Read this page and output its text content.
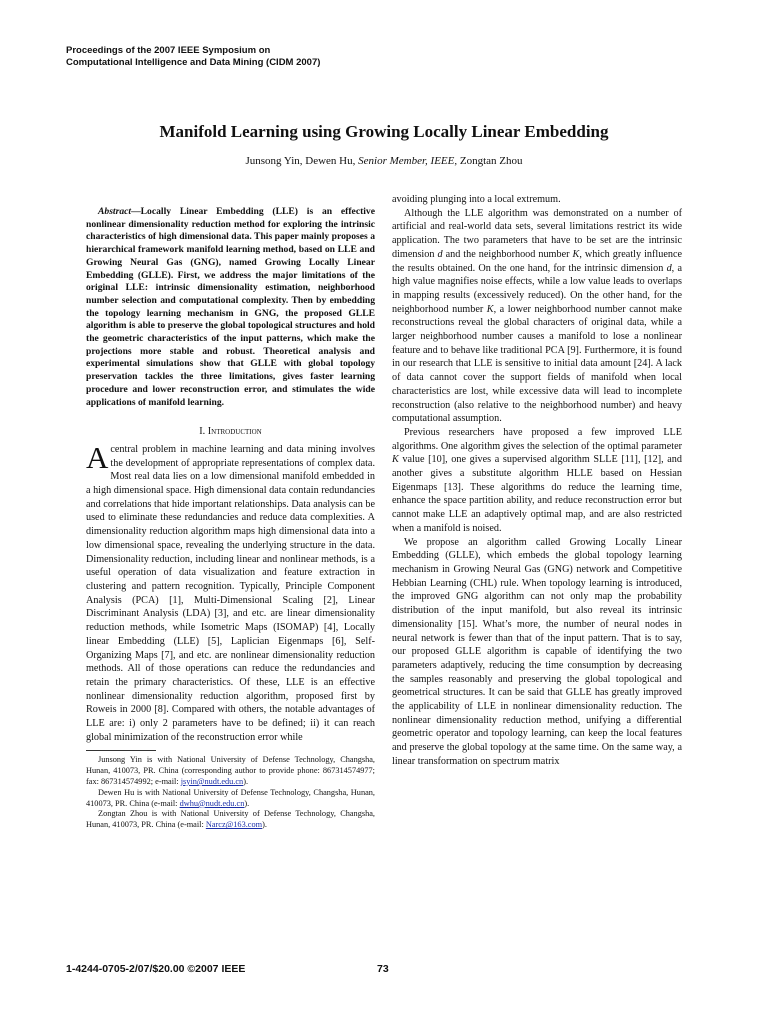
Proceedings of the 2007 IEEE Symposium on
Computational Intelligence and Data Mining (CIDM 2007)
Manifold Learning using Growing Locally Linear Embedding
Junsong Yin, Dewen Hu, Senior Member, IEEE, Zongtan Zhou

Abstract—Locally Linear Embedding (LLE) is an effective nonlinear dimensionality reduction method for exploring the intrinsic characteristics of high dimensional data. This paper mainly proposes a hierarchical framework manifold learning method, based on LLE and Growing Neural Gas (GNG), named Growing Locally Linear Embedding (GLLE). First, we address the major limitations of the original LLE: intrinsic dimensionality estimation, neighborhood number selection and computational complexity. Then by embedding the topology learning mechanism in GNG, the proposed GLLE algorithm is able to preserve the global topological structures and hold the geometric characteristics of the input patterns, which make the projections more stable and robust. Theoretical analysis and experimental simulations show that GLLE with global topology preservation tackles the three limitations, gives faster learning procedure and lower reconstruction error, and stimulates the wide applications of manifold learning.

I. Introduction

Acentral problem in machine learning and data mining involves the development of appropriate representations of complex data. Most real data lies on a low dimensional manifold embedded in a high dimensional space. High dimensional data contain redundancies and correlations that hide important relationships. Data analysis can be used to eliminate these redundancies and reduce data complexities. A dimensionality reduction algorithm maps high dimensional data into a low dimensional space, revealing the underlying structure in the data. Dimensionality reduction, including linear and nonlinear methods, is a useful operation of data visualization and feature extraction in clustering and pattern recognition. Typically, Principle Component Analysis (PCA) [1], Multi-Dimensional Scaling [2], Linear Discriminant Analysis (LDA) [3], and etc. are linear dimensionality reduction methods, while Isometric Maps (ISOMAP) [4], Locally linear Embedding (LLE) [5], Laplician Eigenmaps [6], Self-Organizing Maps [7], and etc. are nonlinear dimensionality reduction methods. All of those operations can reduce the redundancies and retain the primary characteristics. Of these, LLE is an effective nonlinear dimensionality reduction algorithm, proposed first by Roweis in 2000 [8]. Compared with others, the notable advantages of LLE are: i) only 2 parameters have to be defined; ii) it can reach global minimization of the reconstruction error while

Junsong Yin is with National University of Defense Technology, Changsha, Hunan, 410073, PR. China (corresponding author to provide phone: 867314574977; fax: 867314574992; e-mail: jsyin@nudt.edu.cn).

Dewen Hu is with National University of Defense Technology, Changsha, Hunan, 410073, PR. China (e-mail: dwhu@nudt.edu.cn).

Zongtan Zhou is with National University of Defense Technology, Changsha, Hunan, 410073, PR. China (e-mail: Narcz@163.com).

avoiding plunging into a local extremum.

Although the LLE algorithm was demonstrated on a number of artificial and real-world data sets, several limitations restrict its wide application. The two parameters that have to be set are the intrinsic dimension d and the neighborhood number K, which greatly influence the results obtained. On the one hand, for the intrinsic dimension d, a high value magnifies noise effects, while a low value leads to overlaps in mapping results (excessively reduced). On the other hand, for the neighborhood number K, a lower neighborhood number cannot make reconstructions reveal the global characters of original data, while a larger neighborhood number causes a manifold to lose a nonlinear feature and to behave like traditional PCA [9]. Furthermore, it is found in our research that LLE is sensitive to initial data amount [24]. A lack of data cannot cover the support fields of manifold when local characteristics are lost, while excessive data will lead to incomplete reconstruction (also relative to the neighborhood number) and heavy computational assumption.

Previous researchers have proposed a few improved LLE algorithms. One algorithm gives the selection of the optimal parameter K value [10], one gives a supervised algorithm SLLE [11], [12], and another gives a substitute algorithm HLLE based on Hessian Eigenmaps [13]. These algorithms do reduce the learning time, enhance the space partition ability, and reduce reconstruction error but cannot make LLE an adaptively optimal map, and are also restricted when a manifold is noised.

We propose an algorithm called Growing Locally Linear Embedding (GLLE), which embeds the global topology learning mechanism in Growing Neural Gas (GNG) network and Competitive Hebbian Learning (CHL) rule. When topology learning is introduced, the improved GNG algorithm can not only map the probability distribution of the input manifold, but also reveal its intrinsic dimensionality [15]. What’s more, the number of neural nodes in neural network is fewer than that of the input pattern. That is to say, our proposed GLLE algorithm is capable of identifying the two parameters adaptively, reducing the time consumption by decreasing the samples reasonably and preserving the global topological and geometrical structures. It can be said that GLLE has greatly improved the applicability of LLE in nonlinear dimensionality reduction. The nonlinear dimensionality reduction method, unifying a differential geometric operator and topology learning, can keep the local features and preserve the global topology at the same time. On the same way, a linear transformation on spectrum matrix

1-4244-0705-2/07/$20.00 ©2007 IEEE	73
